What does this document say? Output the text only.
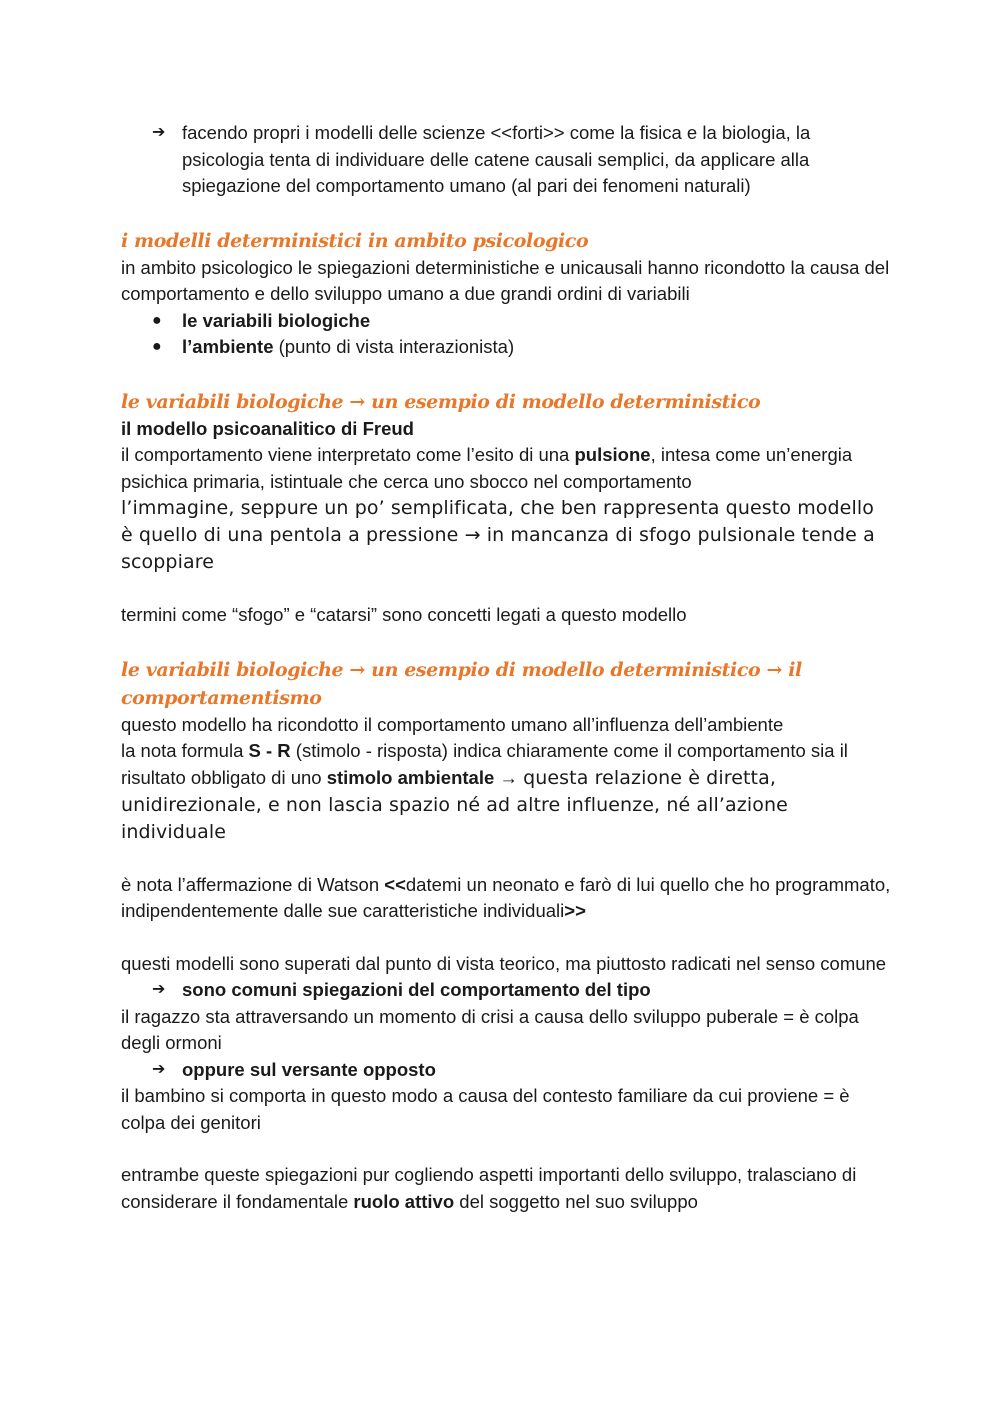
➔ facendo propri i modelli delle scienze <<forti>> come la fisica e la biologia, la psicologia tenta di individuare delle catene causali semplici, da applicare alla spiegazione del comportamento umano (al pari dei fenomeni naturali)

i modelli deterministici in ambito psicologico

in ambito psicologico le spiegazioni deterministiche e unicausali hanno ricondotto la causa del comportamento e dello sviluppo umano a due grandi ordini di variabili

● le variabili biologiche

● l’ambiente (punto di vista interazionista)

le variabili biologiche → un esempio di modello deterministico

il modello psicoanalitico di Freud

il comportamento viene interpretato come l’esito di una pulsione, intesa come un’energia psichica primaria, istintuale che cerca uno sbocco nel comportamento

l’immagine, seppure un po’ semplificata, che ben rappresenta questo modello è quello di una pentola a pressione → in mancanza di sfogo pulsionale tende a scoppiare

termini come “sfogo” e “catarsi” sono concetti legati a questo modello

le variabili biologiche → un esempio di modello deterministico → il comportamentismo

questo modello ha ricondotto il comportamento umano all’influenza dell’ambiente

la nota formula S - R (stimolo - risposta) indica chiaramente come il comportamento sia il risultato obbligato di uno stimolo ambientale → questa relazione è diretta, unidirezionale, e non lascia spazio né ad altre influenze, né all’azione individuale

è nota l’affermazione di Watson <<datemi un neonato e farò di lui quello che ho programmato, indipendentemente dalle sue caratteristiche individuali>>

questi modelli sono superati dal punto di vista teorico, ma piuttosto radicati nel senso comune

➔ sono comuni spiegazioni del comportamento del tipo

il ragazzo sta attraversando un momento di crisi a causa dello sviluppo puberale = è colpa degli ormoni

➔ oppure sul versante opposto

il bambino si comporta in questo modo a causa del contesto familiare da cui proviene = è colpa dei genitori

entrambe queste spiegazioni pur cogliendo aspetti importanti dello sviluppo, tralasciano di considerare il fondamentale ruolo attivo del soggetto nel suo sviluppo
